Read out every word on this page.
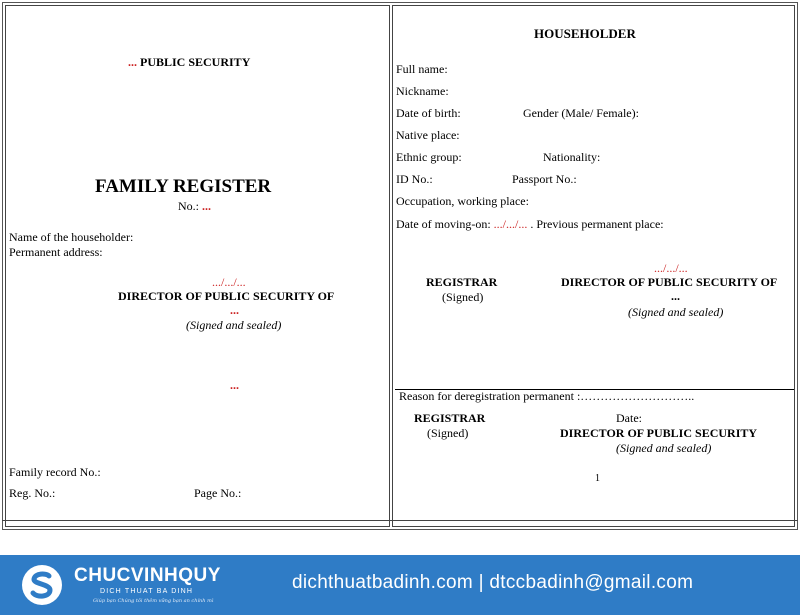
... PUBLIC SECURITY
FAMILY REGISTER
No.: ...
Name of the householder:
Permanent address:
.../.../...
DIRECTOR OF PUBLIC SECURITY OF
...
(Signed and sealed)
...
Family record No.:
Reg. No.:	Page No.:
HOUSEHOLDER
Full name:
Nickname:
Date of birth:	Gender (Male/ Female):
Native place:
Ethnic group:	Nationality:
ID No.:	Passport No.:
Occupation, working place:
Date of moving-on: .../.../... . Previous permanent place:
.../.../...
REGISTRAR
(Signed)
DIRECTOR OF PUBLIC SECURITY OF
...
(Signed and sealed)
Reason for deregistration permanent :………………………..
REGISTRAR
(Signed)
Date:
DIRECTOR OF PUBLIC SECURITY
(Signed and sealed)
1
CHUCVINHQUY
DICH THUAT BA DINH
Giúp bạn Chúng tôi thêm vững bạn an chính mì
dichthuatbadinh.com | dtccbadinh@gmail.com
